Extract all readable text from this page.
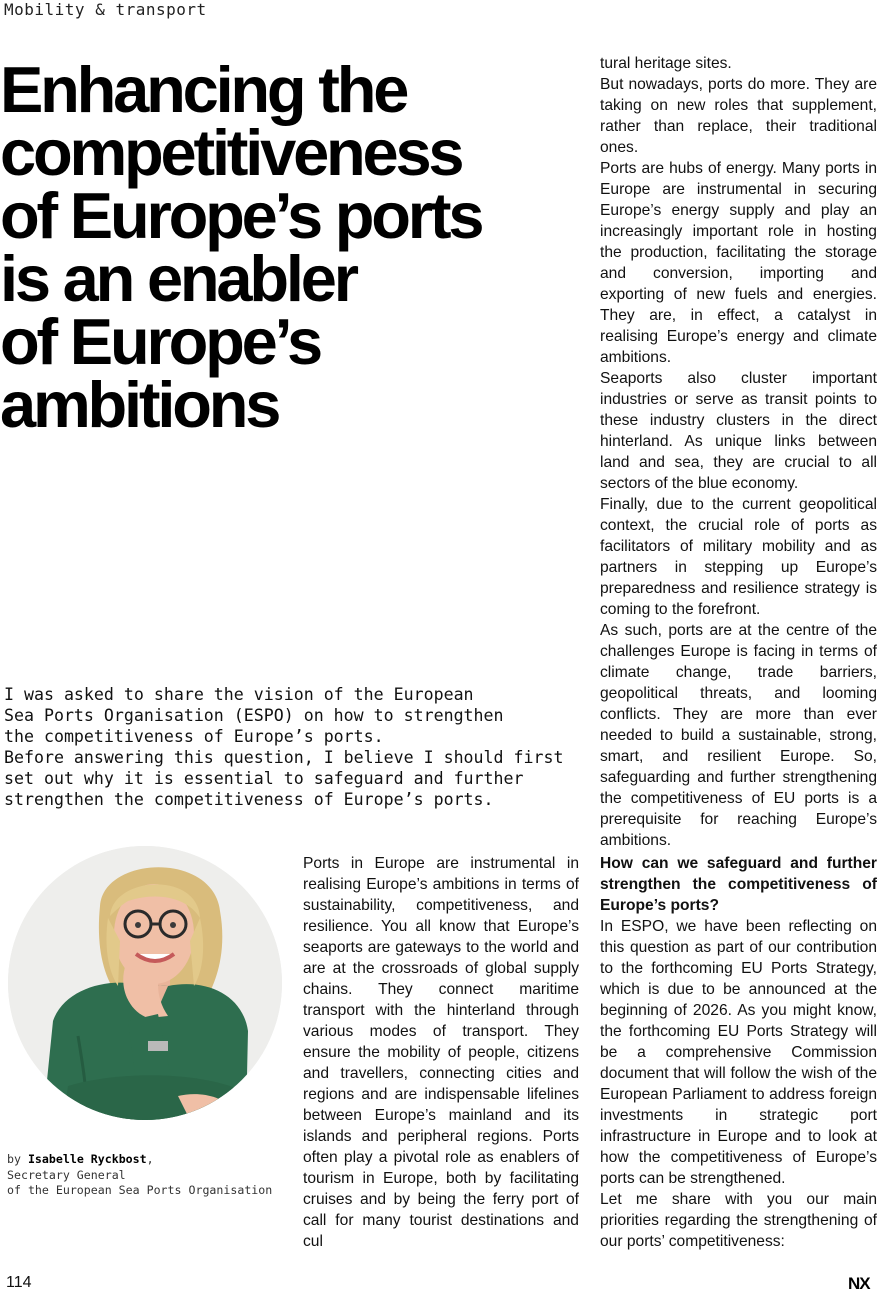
Mobility & transport
Enhancing the
competitiveness
of Europe’s ports
is an enabler
of Europe’s
ambitions

I was asked to share the vision of the European

Sea Ports Organisation (ESPO) on how to strengthen

the competitiveness of Europe’s ports.

Before answering this question, I believe I should first

set out why it is essential to safeguard and further

strengthen the competitiveness of Europe’s ports.

by Isabelle Ryckbost,
Secretary General
of the European Sea Ports Organisation

Ports in Europe are instrumental in realising Europe’s ambitions in terms of sustainability, competitiveness, and resilience. You all know that Europe’s seaports are gateways to the world and are at the crossroads of global supply chains. They connect maritime transport with the hinterland through various modes of transport. They ensure the mobility of people, citizens and travellers, connecting cities and regions and are indispensable lifelines between Europe’s mainland and its islands and peripheral regions. Ports often play a pivotal role as enablers of tourism in Europe, both by facilitating cruises and by being the ferry port of call for many tourist destinations and cul

tural heritage sites.

But nowadays, ports do more. They are taking on new roles that supplement, rather than replace, their traditional ones.

Ports are hubs of energy. Many ports in Europe are instrumental in securing Europe’s energy supply and play an increasingly important role in hosting the production, facilitating the storage and conversion, importing and exporting of new fuels and energies. They are, in effect, a catalyst in realising Europe’s energy and climate ambitions.

Seaports also cluster important industries or serve as transit points to these industry clusters in the direct hinterland. As unique links between land and sea, they are crucial to all sectors of the blue economy.

Finally, due to the current geopolitical context, the crucial role of ports as facilitators of military mobility and as partners in stepping up Europe’s preparedness and resilience strategy is coming to the forefront.

As such, ports are at the centre of the challenges Europe is facing in terms of climate change, trade barriers, geopolitical threats, and looming conflicts. They are more than ever needed to build a sustainable, strong, smart, and resilient Europe. So, safeguarding and further strengthening the competitiveness of EU ports is a prerequisite for reaching Europe’s ambitions.

How can we safeguard and further strengthen the competitiveness of Europe’s ports?

In ESPO, we have been reflecting on this question as part of our contribution to the forthcoming EU Ports Strategy, which is due to be announced at the beginning of 2026. As you might know, the forthcoming EU Ports Strategy will be a comprehensive Commission document that will follow the wish of the European Parliament to address foreign investments in strategic port infrastructure in Europe and to look at how the competitiveness of Europe’s ports can be strengthened.

Let me share with you our main priorities regarding the strengthening of our ports’ competitiveness:

114	NX
